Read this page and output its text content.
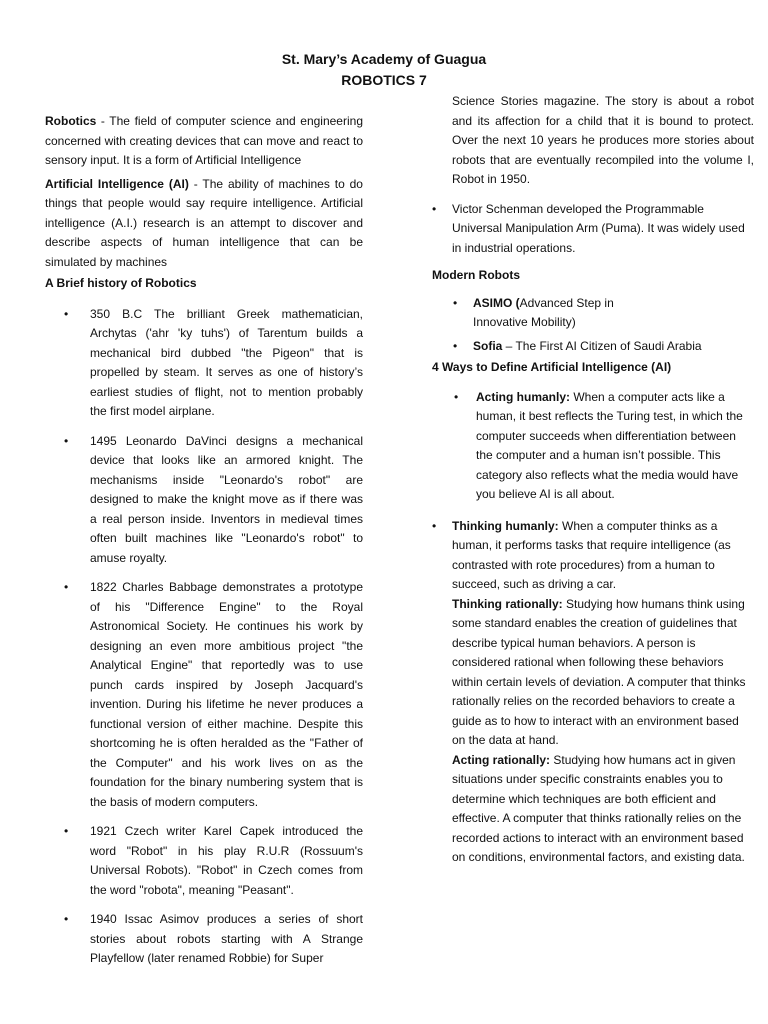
St. Mary’s Academy of Guagua
ROBOTICS 7

Robotics - The field of computer science and engineering concerned with creating devices that can move and react to sensory input. It is a form of Artificial Intelligence

Artificial Intelligence (AI) - The ability of machines to do things that people would say require intelligence. Artificial intelligence (A.I.) research is an attempt to discover and describe aspects of human intelligence that can be simulated by machines

A Brief history of Robotics

• 350 B.C The brilliant Greek mathematician, Archytas ('ahr 'ky tuhs') of Tarentum builds a mechanical bird dubbed "the Pigeon" that is propelled by steam. It serves as one of history’s earliest studies of flight, not to mention probably the first model airplane.
• 1495 Leonardo DaVinci designs a mechanical device that looks like an armored knight. The mechanisms inside "Leonardo's robot" are designed to make the knight move as if there was a real person inside. Inventors in medieval times often built machines like "Leonardo's robot" to amuse royalty.
• 1822 Charles Babbage demonstrates a prototype of his "Difference Engine" to the Royal Astronomical Society. He continues his work by designing an even more ambitious project "the Analytical Engine" that reportedly was to use punch cards inspired by Joseph Jacquard's invention. During his lifetime he never produces a functional version of either machine. Despite this shortcoming he is often heralded as the "Father of the Computer" and his work lives on as the foundation for the binary numbering system that is the basis of modern computers.
• 1921 Czech writer Karel Capek introduced the word "Robot" in his play R.U.R (Rossuum's Universal Robots). "Robot" in Czech comes from the word "robota", meaning "Peasant".
• 1940 Issac Asimov produces a series of short stories about robots starting with A Strange Playfellow (later renamed Robbie) for Super
Science Stories magazine. The story is about a robot and its affection for a child that it is bound to protect. Over the next 10 years he produces more stories about robots that are eventually recompiled into the volume I, Robot in 1950.
• Victor Schenman developed the Programmable Universal Manipulation Arm (Puma). It was widely used in industrial operations.

Modern Robots

• ASIMO (Advanced Step in
Innovative Mobility)
• Sofia – The First AI Citizen of Saudi Arabia

4 Ways to Define Artificial Intelligence (AI)

• Acting humanly: When a computer acts like a human, it best reflects the Turing test, in which the computer succeeds when differentiation between the computer and a human isn’t possible. This category also reflects what the media would have you believe AI is all about.
• Thinking humanly: When a computer thinks as a human, it performs tasks that require intelligence (as contrasted with rote procedures) from a human to succeed, such as driving a car.
Thinking rationally: Studying how humans think using some standard enables the creation of guidelines that describe typical human behaviors. A person is considered rational when following these behaviors within certain levels of deviation. A computer that thinks rationally relies on the recorded behaviors to create a guide as to how to interact with an environment based on the data at hand.
Acting rationally: Studying how humans act in given situations under specific constraints enables you to determine which techniques are both efficient and effective. A computer that thinks rationally relies on the recorded actions to interact with an environment based on conditions, environmental factors, and existing data.
